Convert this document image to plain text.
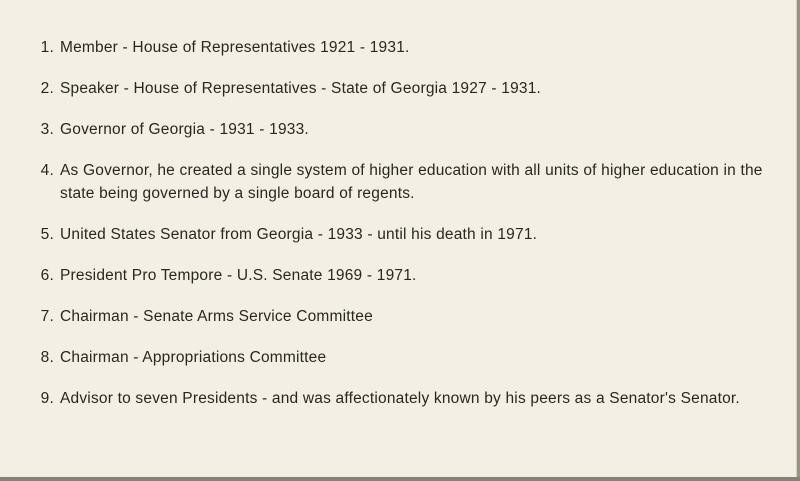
1. Member - House of Representatives 1921 - 1931.
2. Speaker - House of Representatives - State of Georgia 1927 - 1931.
3. Governor of Georgia - 1931 - 1933.
4. As Governor, he created a single system of higher education with all units of higher education in the state being governed by a single board of regents.
5. United States Senator from Georgia - 1933 - until his death in 1971.
6. President Pro Tempore - U.S. Senate 1969 - 1971.
7. Chairman - Senate Arms Service Committee
8. Chairman - Appropriations Committee
9. Advisor to seven Presidents - and was affectionately known by his peers as a Senator's Senator.
